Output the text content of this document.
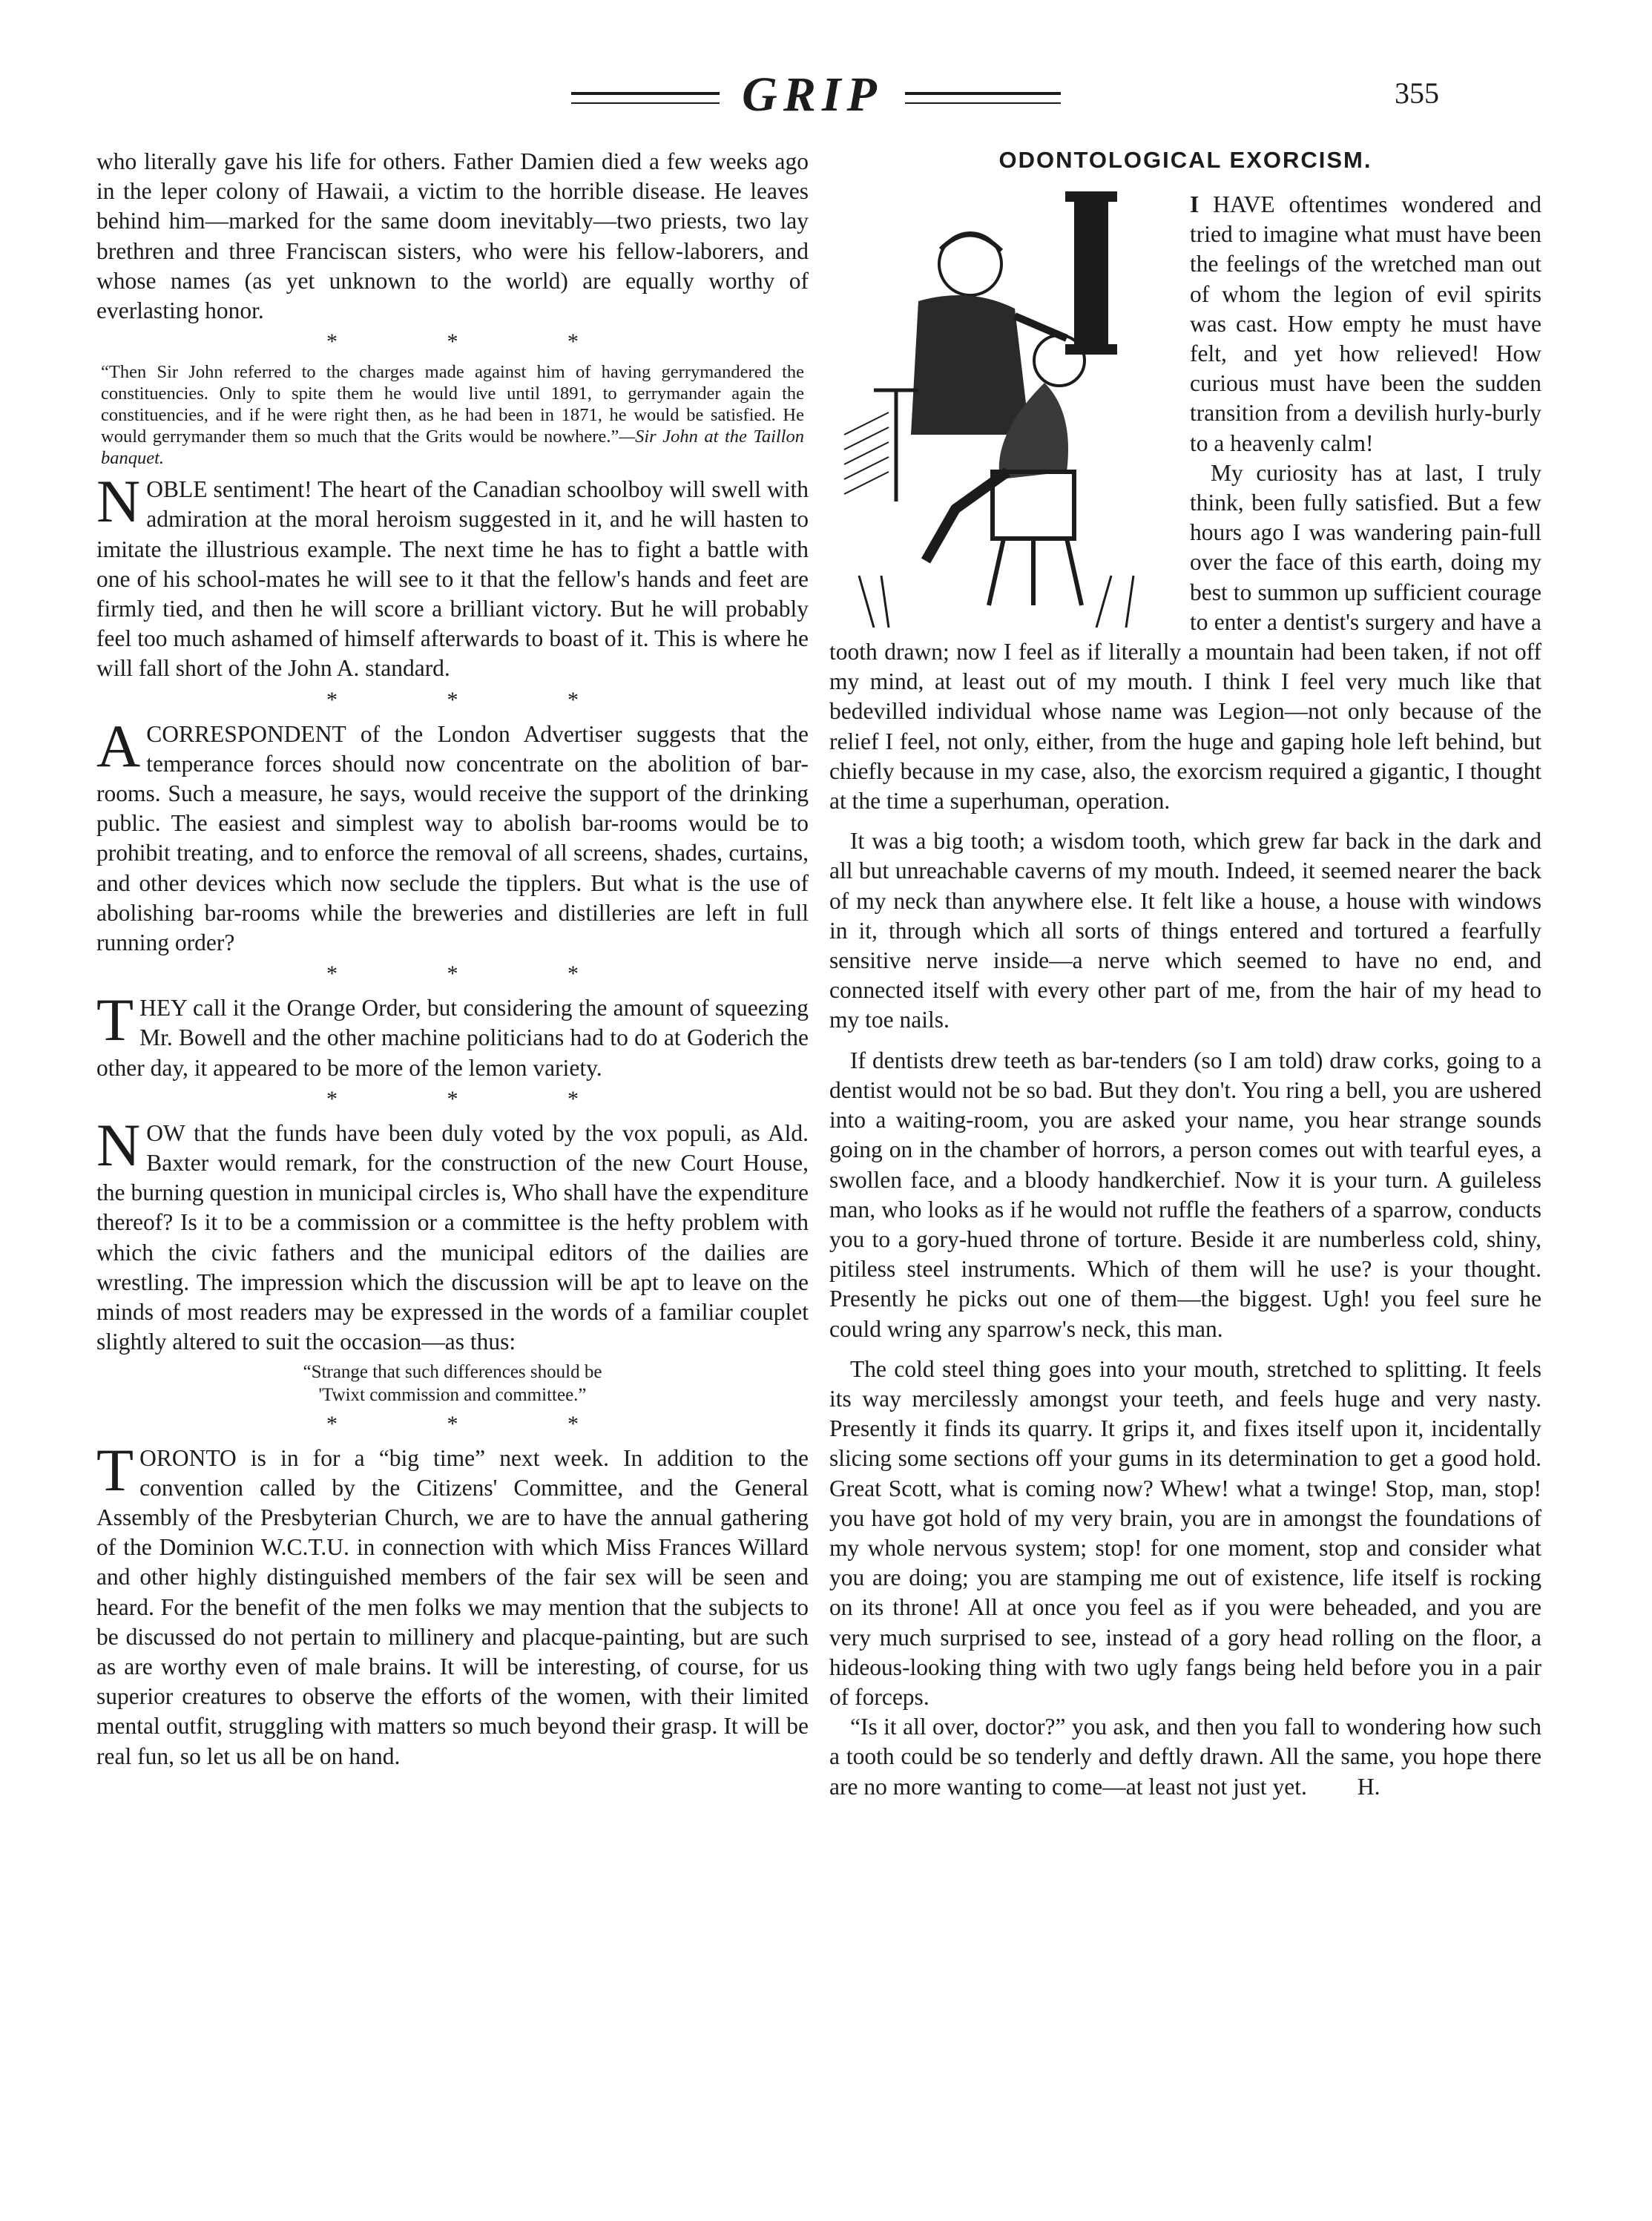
GRIP	355

who literally gave his life for others. Father Damien died a few weeks ago in the leper colony of Hawaii, a victim to the horrible disease. He leaves behind him—marked for the same doom inevitably—two priests, two lay brethren and three Franciscan sisters, who were his fellow-laborers, and whose names (as yet unknown to the world) are equally worthy of everlasting honor.

* * *
“Then Sir John referred to the charges made against him of having gerrymandered the constituencies. Only to spite them he would live until 1891, to gerrymander again the constituencies, and if he were right then, as he had been in 1871, he would be satisfied. He would gerrymander them so much that the Grits would be nowhere.”—Sir John at the Taillon banquet.

NOBLE sentiment! The heart of the Canadian schoolboy will swell with admiration at the moral heroism suggested in it, and he will hasten to imitate the illustrious example. The next time he has to fight a battle with one of his school-mates he will see to it that the fellow's hands and feet are firmly tied, and then he will score a brilliant victory. But he will probably feel too much ashamed of himself afterwards to boast of it. This is where he will fall short of the John A. standard.

* * *

ACORRESPONDENT of the London Advertiser suggests that the temperance forces should now concentrate on the abolition of bar-rooms. Such a measure, he says, would receive the support of the drinking public. The easiest and simplest way to abolish bar-rooms would be to prohibit treating, and to enforce the removal of all screens, shades, curtains, and other devices which now seclude the tipplers. But what is the use of abolishing bar-rooms while the breweries and distilleries are left in full running order?

* * *

THEY call it the Orange Order, but considering the amount of squeezing Mr. Bowell and the other machine politicians had to do at Goderich the other day, it appeared to be more of the lemon variety.

* * *

NOW that the funds have been duly voted by the vox populi, as Ald. Baxter would remark, for the construction of the new Court House, the burning question in municipal circles is, Who shall have the expenditure thereof? Is it to be a commission or a committee is the hefty problem with which the civic fathers and the municipal editors of the dailies are wrestling. The impression which the discussion will be apt to leave on the minds of most readers may be expressed in the words of a familiar couplet slightly altered to suit the occasion—as thus:

“Strange that such differences should be
'Twixt commission and committee.”
* * *

TORONTO is in for a “big time” next week. In addition to the convention called by the Citizens' Committee, and the General Assembly of the Presbyterian Church, we are to have the annual gathering of the Dominion W.C.T.U. in connection with which Miss Frances Willard and other highly distinguished members of the fair sex will be seen and heard. For the benefit of the men folks we may mention that the subjects to be discussed do not pertain to millinery and placque-painting, but are such as are worthy even of male brains. It will be interesting, of course, for us superior creatures to observe the efforts of the women, with their limited mental outfit, struggling with matters so much beyond their grasp. It will be real fun, so let us all be on hand.

ODONTOLOGICAL EXORCISM.

I HAVE oftentimes wondered and tried to imagine what must have been the feelings of the wretched man out of whom the legion of evil spirits was cast. How empty he must have felt, and yet how relieved! How curious must have been the sudden transition from a devilish hurly-burly to a heavenly calm!

My curiosity has at last, I truly think, been fully satisfied. But a few hours ago I was wandering pain-full over the face of this earth, doing my best to summon up sufficient courage to enter a dentist's surgery and have a tooth drawn; now I feel as if literally a mountain had been taken, if not off my mind, at least out of my mouth. I think I feel very much like that bedevilled individual whose name was Legion—not only because of the relief I feel, not only, either, from the huge and gaping hole left behind, but chiefly because in my case, also, the exorcism required a gigantic, I thought at the time a superhuman, operation.

It was a big tooth; a wisdom tooth, which grew far back in the dark and all but unreachable caverns of my mouth. Indeed, it seemed nearer the back of my neck than anywhere else. It felt like a house, a house with windows in it, through which all sorts of things entered and tortured a fearfully sensitive nerve inside—a nerve which seemed to have no end, and connected itself with every other part of me, from the hair of my head to my toe nails.

If dentists drew teeth as bar-tenders (so I am told) draw corks, going to a dentist would not be so bad. But they don't. You ring a bell, you are ushered into a waiting-room, you are asked your name, you hear strange sounds going on in the chamber of horrors, a person comes out with tearful eyes, a swollen face, and a bloody handkerchief. Now it is your turn. A guileless man, who looks as if he would not ruffle the feathers of a sparrow, conducts you to a gory-hued throne of torture. Beside it are numberless cold, shiny, pitiless steel instruments. Which of them will he use? is your thought. Presently he picks out one of them—the biggest. Ugh! you feel sure he could wring any sparrow's neck, this man.

The cold steel thing goes into your mouth, stretched to splitting. It feels its way mercilessly amongst your teeth, and feels huge and very nasty. Presently it finds its quarry. It grips it, and fixes itself upon it, incidentally slicing some sections off your gums in its determination to get a good hold. Great Scott, what is coming now? Whew! what a twinge! Stop, man, stop! you have got hold of my very brain, you are in amongst the foundations of my whole nervous system; stop! for one moment, stop and consider what you are doing; you are stamping me out of existence, life itself is rocking on its throne! All at once you feel as if you were beheaded, and you are very much surprised to see, instead of a gory head rolling on the floor, a hideous-looking thing with two ugly fangs being held before you in a pair of forceps.

“Is it all over, doctor?” you ask, and then you fall to wondering how such a tooth could be so tenderly and deftly drawn. All the same, you hope there are no more wanting to come—at least not just yet. H.
